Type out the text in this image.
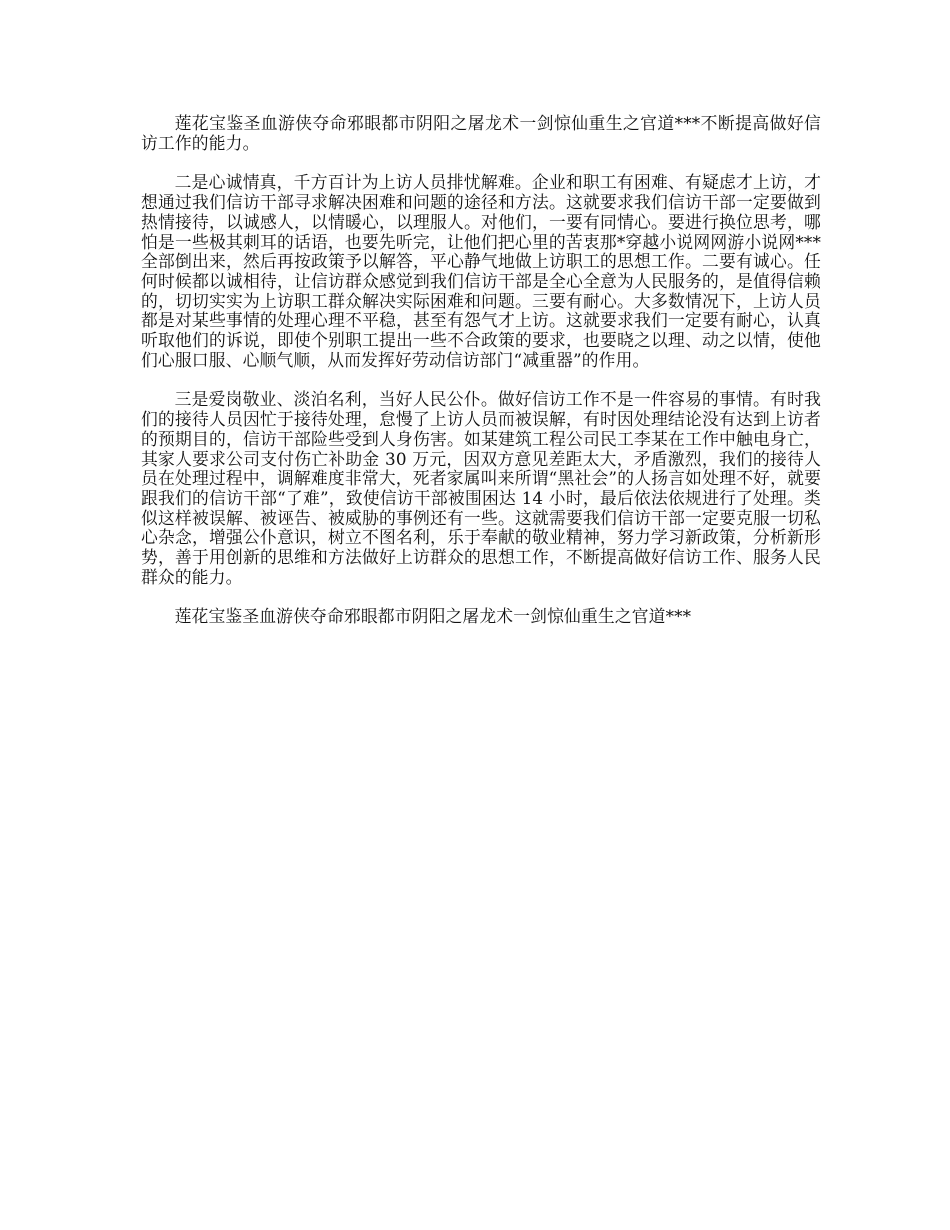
莲花宝鉴圣血游侠夺命邪眼都市阴阳之屠龙术一剑惊仙重生之官道***不断提高做好信访工作的能力。

二是心诚情真，千方百计为上访人员排忧解难。企业和职工有困难、有疑虑才上访，才想通过我们信访干部寻求解决困难和问题的途径和方法。这就要求我们信访干部一定要做到热情接待，以诚感人，以情暖心，以理服人。对他们，一要有同情心。要进行换位思考，哪怕是一些极其刺耳的话语，也要先听完，让他们把心里的苦衷那*穿越小说网网游小说网***全部倒出来，然后再按政策予以解答，平心静气地做上访职工的思想工作。二要有诚心。任何时候都以诚相待，让信访群众感觉到我们信访干部是全心全意为人民服务的，是值得信赖的，切切实实为上访职工群众解决实际困难和问题。三要有耐心。大多数情况下，上访人员都是对某些事情的处理心理不平稳，甚至有怨气才上访。这就要求我们一定要有耐心，认真听取他们的诉说，即使个别职工提出一些不合政策的要求，也要晓之以理、动之以情，使他们心服口服、心顺气顺，从而发挥好劳动信访部门“减重器”的作用。

三是爱岗敬业、淡泊名利，当好人民公仆。做好信访工作不是一件容易的事情。有时我们的接待人员因忙于接待处理，怠慢了上访人员而被误解，有时因处理结论没有达到上访者的预期目的，信访干部险些受到人身伤害。如某建筑工程公司民工李某在工作中触电身亡，其家人要求公司支付伤亡补助金 30 万元，因双方意见差距太大，矛盾激烈，我们的接待人员在处理过程中，调解难度非常大，死者家属叫来所谓“黑社会”的人扬言如处理不好，就要跟我们的信访干部“了难”，致使信访干部被围困达 14 小时，最后依法依规进行了处理。类似这样被误解、被诬告、被威胁的事例还有一些。这就需要我们信访干部一定要克服一切私心杂念，增强公仆意识，树立不图名利，乐于奉献的敬业精神，努力学习新政策，分析新形势，善于用创新的思维和方法做好上访群众的思想工作，不断提高做好信访工作、服务人民群众的能力。

莲花宝鉴圣血游侠夺命邪眼都市阴阳之屠龙术一剑惊仙重生之官道***
